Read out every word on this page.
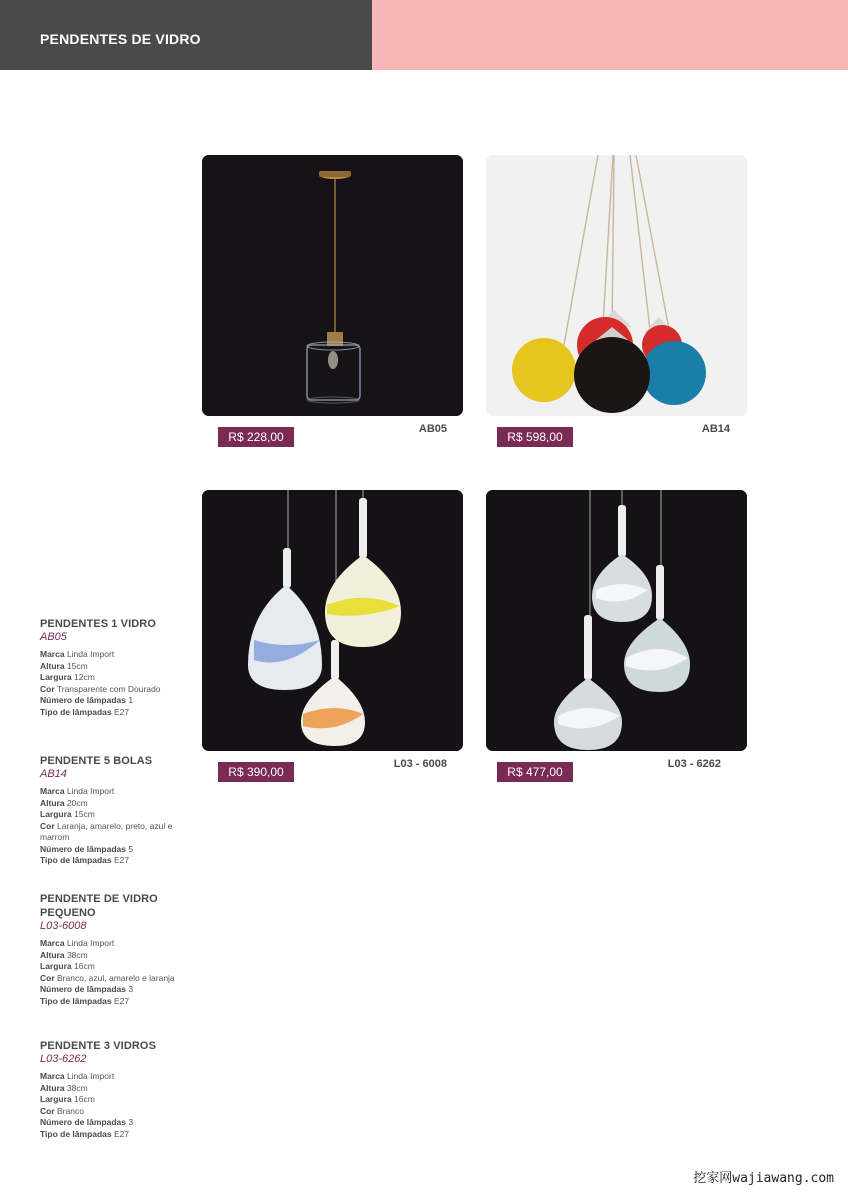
PENDENTES DE VIDRO
R$ 228,00
AB05
R$ 598,00
AB14
R$ 390,00
L03 - 6008
R$ 477,00
L03 - 6262
PENDENTES 1 VIDRO
AB05
Marca Linda Import
Altura 15cm
Largura 12cm
Cor Transparente com Dourado
Número de lâmpadas 1
Tipo de lâmpadas E27
PENDENTE 5 BOLAS
AB14
Marca Linda Import
Altura 20cm
Largura 15cm
Cor Laranja, amarelo, preto, azul e marrom
Número de lâmpadas 5
Tipo de lâmpadas E27
PENDENTE DE VIDRO PEQUENO
L03-6008
Marca Linda Import
Altura 38cm
Largura 16cm
Cor Branco, azul, amarelo e laranja
Número de lâmpadas 3
Tipo de lâmpadas E27
PENDENTE 3 VIDROS
L03-6262
Marca Linda Import
Altura 38cm
Largura 16cm
Cor Branco
Número de lâmpadas 3
Tipo de lâmpadas E27
挖家网wajiawang.com
